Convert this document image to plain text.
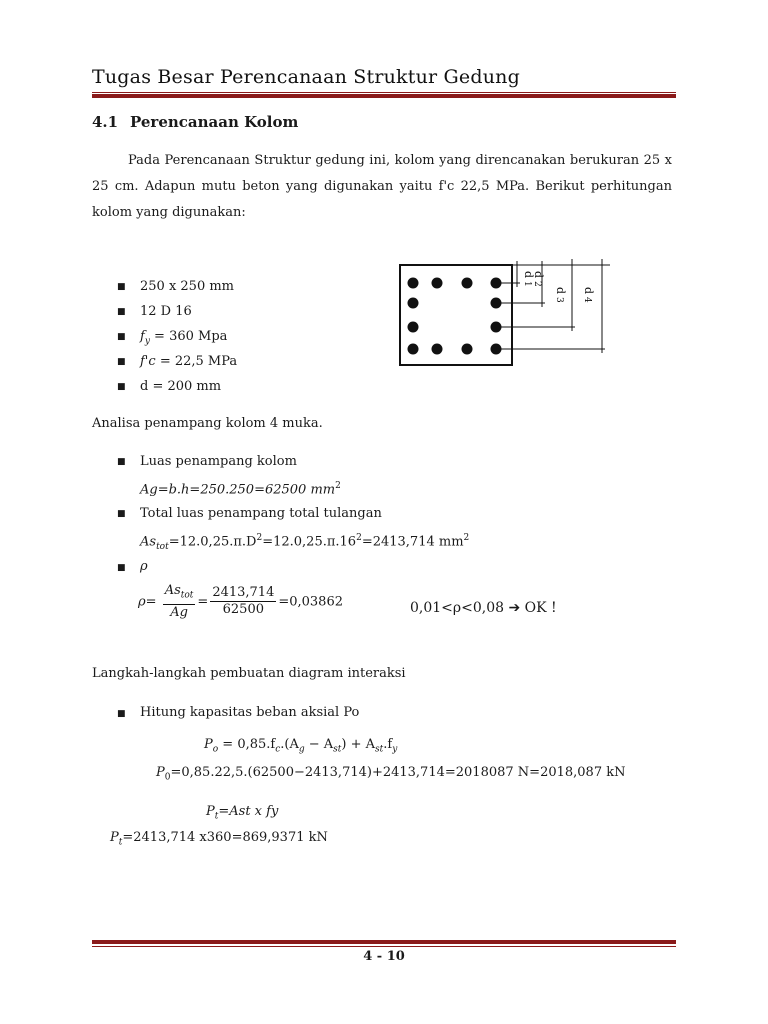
Tugas Besar Perencanaan Struktur Gedung
4.1 Perencanaan Kolom
Pada Perencanaan Struktur gedung ini, kolom yang direncanakan berukuran 25 x 25 cm. Adapun mutu beton yang digunakan yaitu f'c 22,5 MPa. Berikut perhitungan kolom yang digunakan:
■ 250 x 250 mm
■ 12 D 16
■ $f_y = 360$ Mpa
■ f'c = 22,5 MPa
■ d = 200 mm
d
1
d
2
d
3
d
4
Analisa penampang kolom 4 muka.
■ Luas penampang kolom
Ag=b.h=250.250=62500 $mm^2$
■ Total luas penampang total tulangan
$As_{tot}=12.0,25.\pi.D^2=12.0,25.\pi.16^2=2413,714$ $mm^2$
■ ρ
$\rho= \frac{As_{tot}}{Ag} = \frac{2413,714}{62500} =0,03862$	0,01<ρ<0,08 ➔ OK !
Langkah-langkah pembuatan diagram interaksi
■ Hitung kapasitas beban aksial Po
$P_o = 0,85.f_c.(A_g - A_{st}) + A_{st}.f_y$
$P_0=0,85.22,5.(62500-2413,714)+2413,714=2018087$ N=2018,087 kN
$P_t=Ast$ x fy
$P_t=2413,714$ x360=869,9371 kN
4 - 10
